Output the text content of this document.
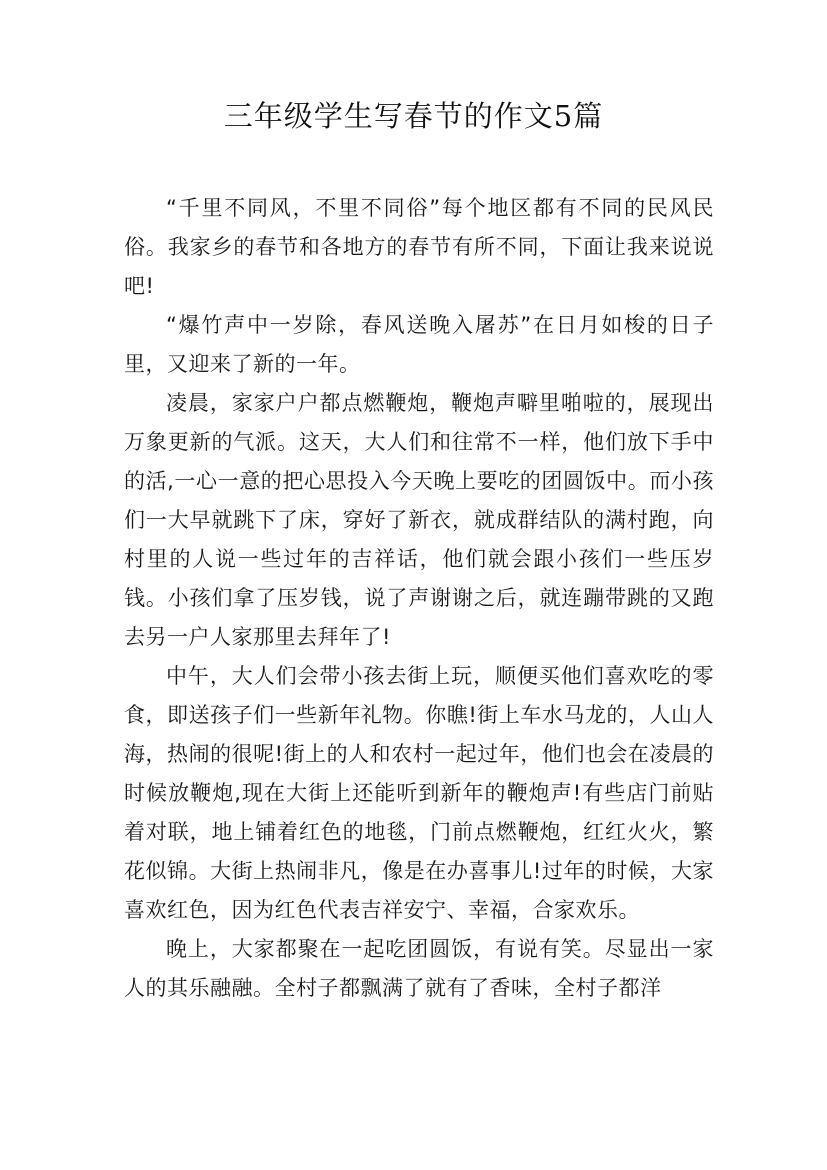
三年级学生写春节的作文5篇

“千里不同风，不里不同俗”每个地区都有不同的民风民俗。我家乡的春节和各地方的春节有所不同，下面让我来说说吧!

“爆竹声中一岁除，春风送晚入屠苏”在日月如梭的日子里，又迎来了新的一年。

凌晨，家家户户都点燃鞭炮，鞭炮声噼里啪啦的，展现出万象更新的气派。这天，大人们和往常不一样，他们放下手中的活,一心一意的把心思投入今天晚上要吃的团圆饭中。而小孩们一大早就跳下了床，穿好了新衣，就成群结队的满村跑，向村里的人说一些过年的吉祥话，他们就会跟小孩们一些压岁钱。小孩们拿了压岁钱，说了声谢谢之后，就连蹦带跳的又跑去另一户人家那里去拜年了!

中午，大人们会带小孩去街上玩，顺便买他们喜欢吃的零食，即送孩子们一些新年礼物。你瞧!街上车水马龙的，人山人海，热闹的很呢!街上的人和农村一起过年，他们也会在凌晨的时候放鞭炮,现在大街上还能听到新年的鞭炮声!有些店门前贴着对联，地上铺着红色的地毯，门前点燃鞭炮，红红火火，繁花似锦。大街上热闹非凡，像是在办喜事儿!过年的时候，大家喜欢红色，因为红色代表吉祥安宁、幸福，合家欢乐。

晚上，大家都聚在一起吃团圆饭，有说有笑。尽显出一家人的其乐融融。全村子都飘满了就有了香味，全村子都洋
